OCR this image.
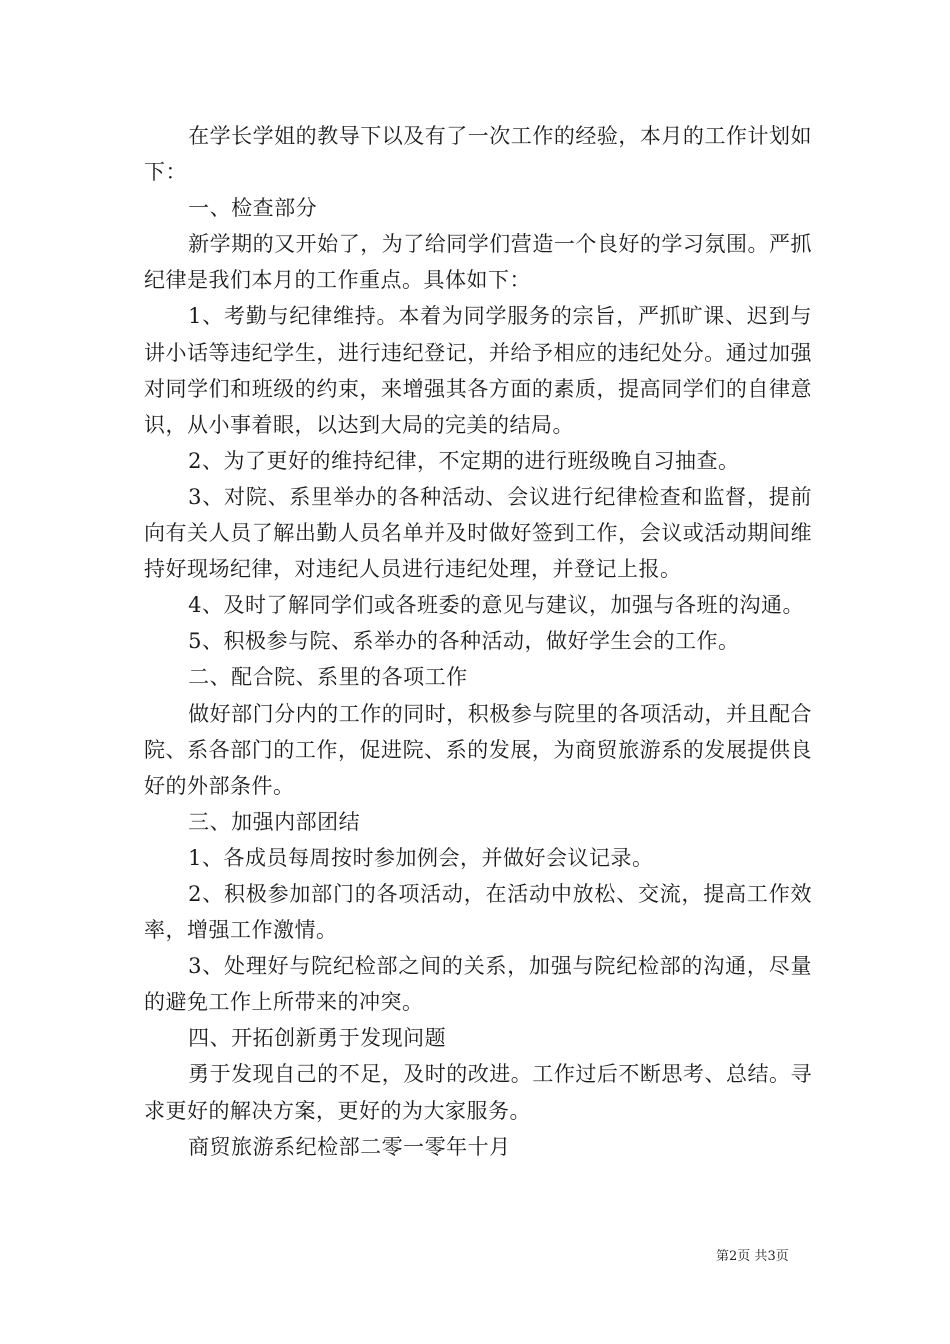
在学长学姐的教导下以及有了一次工作的经验，本月的工作计划如下：

一、检查部分

新学期的又开始了，为了给同学们营造一个良好的学习氛围。严抓纪律是我们本月的工作重点。具体如下：

1、考勤与纪律维持。本着为同学服务的宗旨，严抓旷课、迟到与讲小话等违纪学生，进行违纪登记，并给予相应的违纪处分。通过加强对同学们和班级的约束，来增强其各方面的素质，提高同学们的自律意识，从小事着眼，以达到大局的完美的结局。

2、为了更好的维持纪律，不定期的进行班级晚自习抽查。

3、对院、系里举办的各种活动、会议进行纪律检查和监督，提前向有关人员了解出勤人员名单并及时做好签到工作，会议或活动期间维持好现场纪律，对违纪人员进行违纪处理，并登记上报。

4、及时了解同学们或各班委的意见与建议，加强与各班的沟通。

5、积极参与院、系举办的各种活动，做好学生会的工作。

二、配合院、系里的各项工作

做好部门分内的工作的同时，积极参与院里的各项活动，并且配合院、系各部门的工作，促进院、系的发展，为商贸旅游系的发展提供良好的外部条件。

三、加强内部团结

1、各成员每周按时参加例会，并做好会议记录。

2、积极参加部门的各项活动，在活动中放松、交流，提高工作效率，增强工作激情。

3、处理好与院纪检部之间的关系，加强与院纪检部的沟通，尽量的避免工作上所带来的冲突。

四、开拓创新勇于发现问题

勇于发现自己的不足，及时的改进。工作过后不断思考、总结。寻求更好的解决方案，更好的为大家服务。

商贸旅游系纪检部二零一零年十月

第2页 共3页
